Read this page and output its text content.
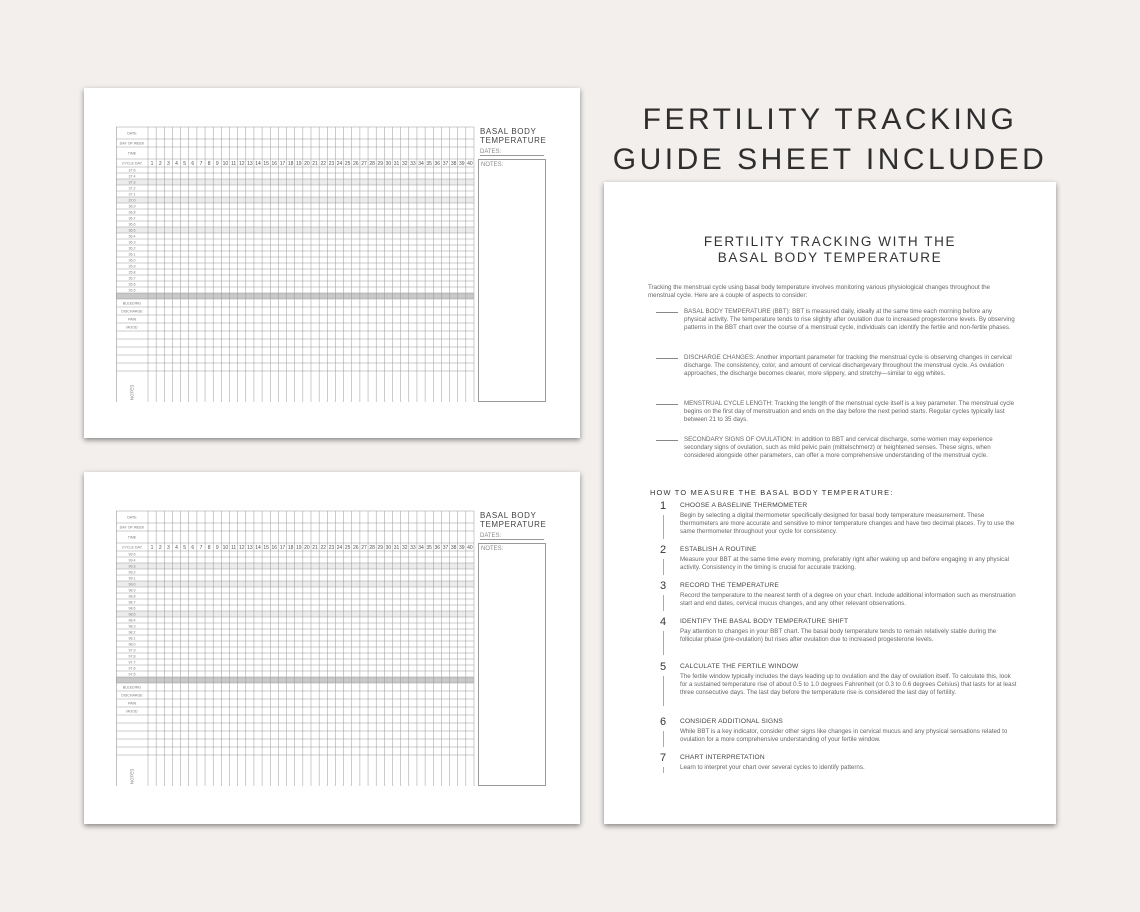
FERTILITY TRACKING
GUIDE SHEET INCLUDED
DATE
DAY OF WEEK
TIME
CYCLE DAY 1 2 3 4 5 6 7 8 9 10 11 12 13 14 15 16 17 18 19 20 21 22 23 24 25 26 27 28 29 30 31 32 33 34 35 36 37 38 39 40
37.6
37.4
37.3
37.2
37.1
37.0
36.9
36.8
36.7
36.6
36.5
36.4
36.3
36.2
36.1
36.0
35.9
35.8
35.7
35.6
35.5
BLEEDING
DISCHARGE
PAIN
MOOD
NOTES
BASAL BODY
TEMPERATURE
DATES:
NOTES:
DATE
DAY OF WEEK
TIME
CYCLE DAY 1 2 3 4 5 6 7 8 9 10 11 12 13 14 15 16 17 18 19 20 21 22 23 24 25 26 27 28 29 30 31 32 33 34 35 36 37 38 39 40
99.5
99.4
99.3
99.2
99.1
99.0
98.9
98.8
98.7
98.6
98.5
98.4
98.3
98.2
98.1
98.0
97.9
97.8
97.7
97.6
97.5
BLEEDING
DISCHARGE
PAIN
MOOD
NOTES
BASAL BODY
TEMPERATURE
DATES:
NOTES:
FERTILITY TRACKING WITH THE
BASAL BODY TEMPERATURE
Tracking the menstrual cycle using basal body temperature involves monitoring various physiological changes throughout the menstrual cycle. Here are a couple of aspects to consider:
BASAL BODY TEMPERATURE (BBT): BBT is measured daily, ideally at the same time each morning before any physical activity. The temperature tends to rise slightly after ovulation due to increased progesterone levels. By observing patterns in the BBT chart over the course of a menstrual cycle, individuals can identify the fertile and non-fertile phases.
DISCHARGE CHANGES: Another important parameter for tracking the menstrual cycle is observing changes in cervical discharge. The consistency, color, and amount of cervical dischargevary throughout the menstrual cycle. As ovulation approaches, the discharge becomes clearer, more slippery, and stretchy—similar to egg whites.
MENSTRUAL CYCLE LENGTH: Tracking the length of the menstrual cycle itself is a key parameter. The menstrual cycle begins on the first day of menstruation and ends on the day before the next period starts. Regular cycles typically last between 21 to 35 days.
SECONDARY SIGNS OF OVULATION: In addition to BBT and cervical discharge, some women may experience secondary signs of ovulation, such as mild pelvic pain (mittelschmerz) or heightened senses. These signs, when considered alongside other parameters, can offer a more comprehensive understanding of the menstrual cycle.
HOW TO MEASURE THE BASAL BODY TEMPERATURE:
1 CHOOSE A BASELINE THERMOMETER
Begin by selecting a digital thermometer specifically designed for basal body temperature measurement. These thermometers are more accurate and sensitive to minor temperature changes and have two decimal places. Try to use the same thermometer throughout your cycle for consistency.
2 ESTABLISH A ROUTINE
Measure your BBT at the same time every morning, preferably right after waking up and before engaging in any physical activity. Consistency in the timing is crucial for accurate tracking.
3 RECORD THE TEMPERATURE
Record the temperature to the nearest tenth of a degree on your chart. Include additional information such as menstruation start and end dates, cervical mucus changes, and any other relevant observations.
4 IDENTIFY THE BASAL BODY TEMPERATURE SHIFT
Pay attention to changes in your BBT chart. The basal body temperature tends to remain relatively stable during the follicular phase (pre-ovulation) but rises after ovulation due to increased progesterone levels.
5 CALCULATE THE FERTILE WINDOW
The fertile window typically includes the days leading up to ovulation and the day of ovulation itself. To calculate this, look for a sustained temperature rise of about 0.5 to 1.0 degrees Fahrenheit (or 0.3 to 0.6 degrees Celsius) that lasts for at least three consecutive days. The last day before the temperature rise is considered the last day of fertility.
6 CONSIDER ADDITIONAL SIGNS
While BBT is a key indicator, consider other signs like changes in cervical mucus and any physical sensations related to ovulation for a more comprehensive understanding of your fertile window.
7 CHART INTERPRETATION
Learn to interpret your chart over several cycles to identify patterns.
